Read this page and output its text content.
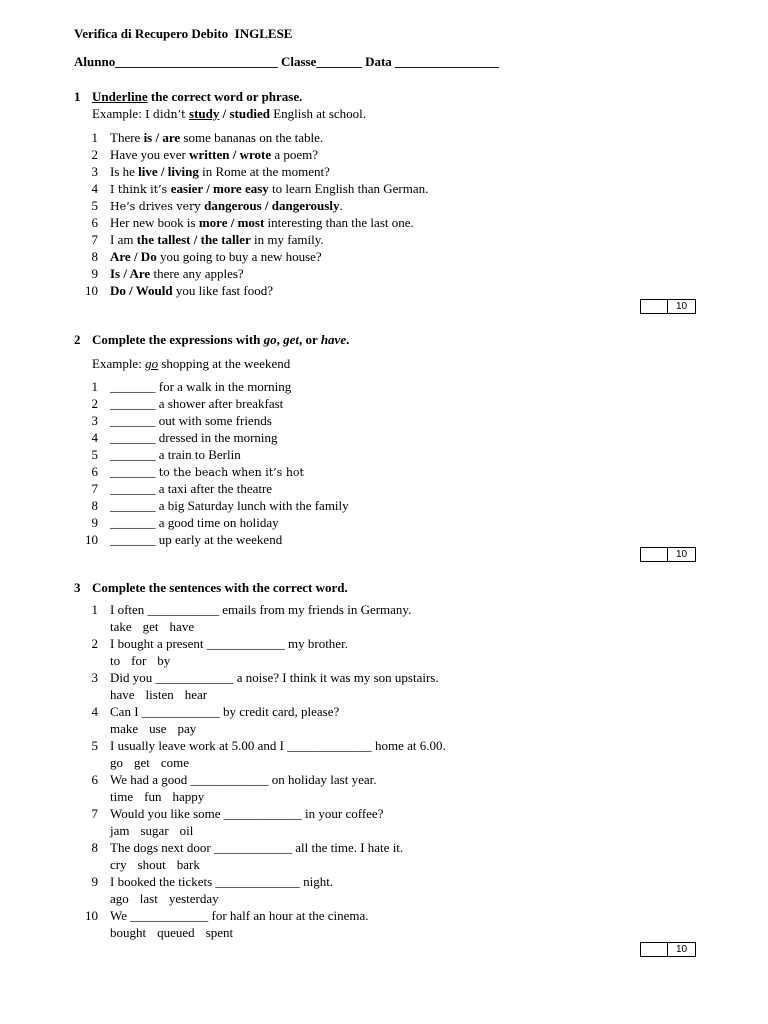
Verifica di Recupero Debito  INGLESE
Alunno_________________________ Classe_______ Data ________________
1 Underline the correct word or phrase.
Example: I didn’t study / studied English at school.
1 There is / are some bananas on the table.
2 Have you ever written / wrote a poem?
3 Is he live / living in Rome at the moment?
4 I think it’s easier / more easy to learn English than German.
5 He’s drives very dangerous / dangerously.
6 Her new book is more / most interesting than the last one.
7 I am the tallest / the taller in my family.
8 Are / Do you going to buy a new house?
9 Is / Are there any apples?
10 Do / Would you like fast food?
10
2 Complete the expressions with go, get, or have.
Example: go shopping at the weekend
1 _______ for a walk in the morning
2 _______ a shower after breakfast
3 _______ out with some friends
4 _______ dressed in the morning
5 _______ a train to Berlin
6 _______ to the beach when it’s hot
7 _______ a taxi after the theatre
8 _______ a big Saturday lunch with the family
9 _______ a good time on holiday
10 _______ up early at the weekend
10
3 Complete the sentences with the correct word.
1 I often ___________ emails from my friends in Germany.
take get have
2 I bought a present ____________ my brother.
to for by
3 Did you ____________ a noise? I think it was my son upstairs.
have listen hear
4 Can I ____________ by credit card, please?
make use pay
5 I usually leave work at 5.00 and I _____________ home at 6.00.
go get come
6 We had a good ____________ on holiday last year.
time fun happy
7 Would you like some ____________ in your coffee?
jam sugar oil
8 The dogs next door ____________ all the time. I hate it.
cry shout bark
9 I booked the tickets _____________ night.
ago last yesterday
10 We ____________ for half an hour at the cinema.
bought queued spent
10
